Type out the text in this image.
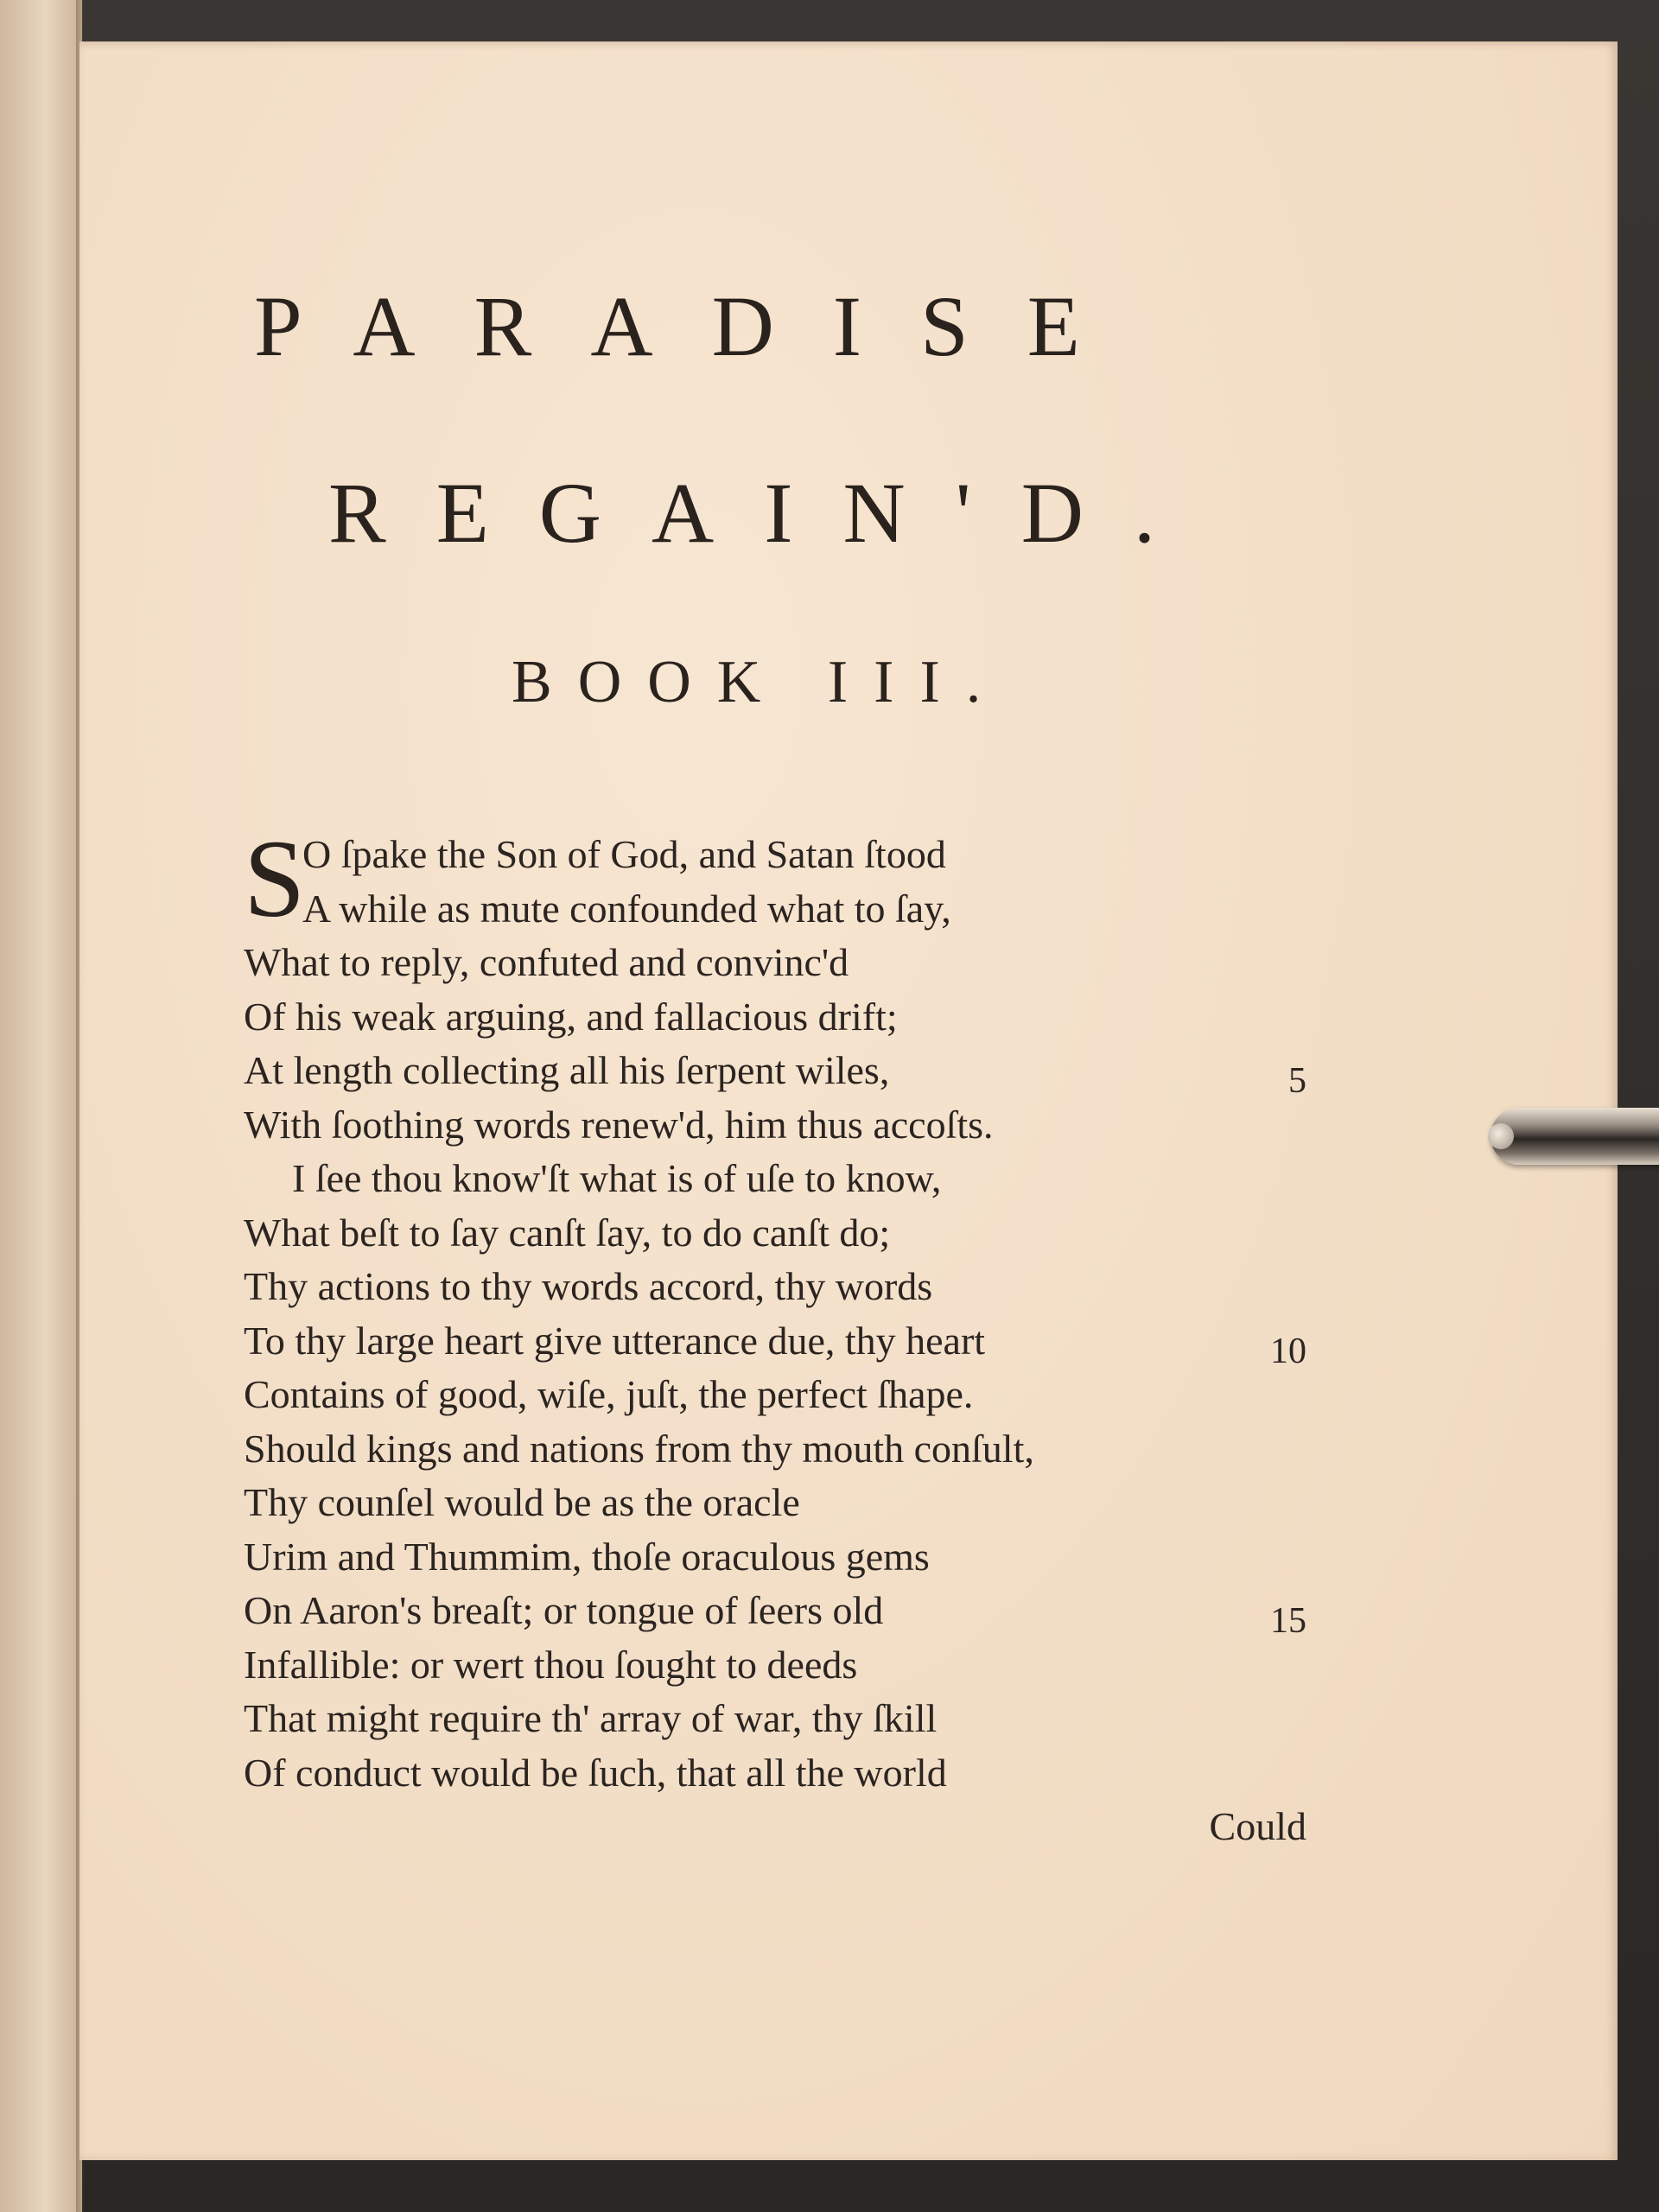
PARADISE
REGAIN'D.
BOOK III.
S
O ſpake the Son of God, and Satan ſtood
A while as mute confounded what to ſay,
What to reply, confuted and convinc'd
Of his weak arguing, and fallacious drift;
At length collecting all his ſerpent wiles,	5
With ſoothing words renew'd, him thus accoſts.
I ſee thou know'ſt what is of uſe to know,
What beſt to ſay canſt ſay, to do canſt do;
Thy actions to thy words accord, thy words
To thy large heart give utterance due, thy heart	10
Contains of good, wiſe, juſt, the perfect ſhape.
Should kings and nations from thy mouth conſult,
Thy counſel would be as the oracle
Urim and Thummim, thoſe oraculous gems
On Aaron's breaſt; or tongue of ſeers old	15
Infallible: or wert thou ſought to deeds
That might require th' array of war, thy ſkill
Of conduct would be ſuch, that all the world
Could
